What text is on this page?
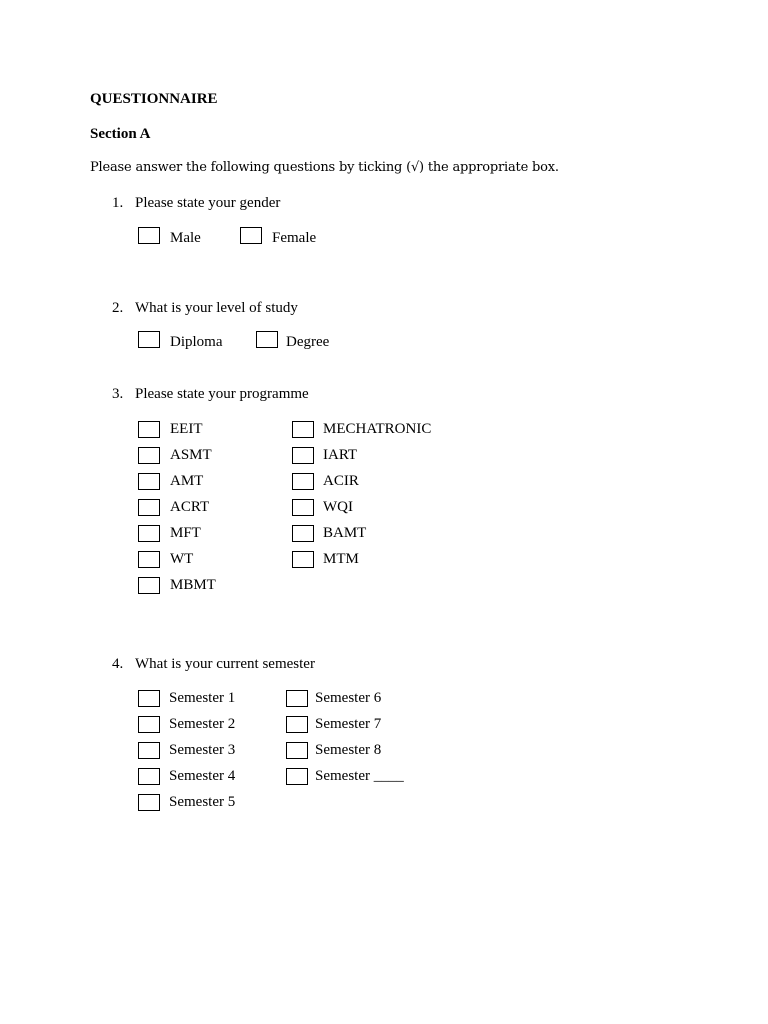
QUESTIONNAIRE
Section A
Please answer the following questions by ticking (√) the appropriate box.
1. Please state your gender
Male	Female
2. What is your level of study
Diploma	Degree
3. Please state your programme
EEIT
ASMT
AMT
ACRT
MFT
WT
MBMT
MECHATRONIC
IART
ACIR
WQI
BAMT
MTM
4. What is your current semester
Semester 1
Semester 2
Semester 3
Semester 4
Semester 5
Semester 6
Semester 7
Semester 8
Semester ____
